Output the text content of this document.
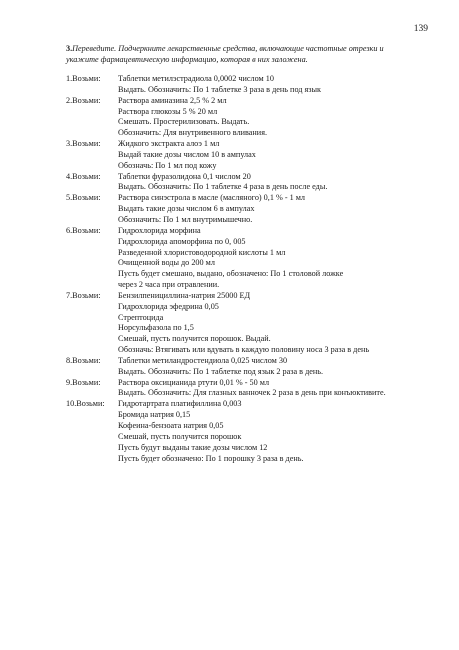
139
3.Переведите. Подчеркните лекарственные средства, включающие частотные отрезки и укажите фармацевтическую информацию, которая в них заложена.
1.Возьми:	Таблетки метилэстрадиола 0,0002 числом 10
Выдать. Обозначить: По 1 таблетке 3 раза в день под язык
2.Возьми:	Раствора аминазина 2,5 % 2 мл
Раствора глюкозы 5 % 20 мл
Смешать. Простерилизовать. Выдать.
Обозначить: Для внутривенного вливания.
3.Возьми:	Жидкого экстракта алоэ 1 мл
Выдай такие дозы числом 10 в ампулах
Обозначь: По 1 мл под кожу
4.Возьми:	Таблетки фуразолидона 0,1 числом 20
Выдать. Обозначить: По 1 таблетке 4 раза в день после еды.
5.Возьми:	Раствора синэстрола в масле (масляного) 0,1 % - 1 мл
Выдать такие дозы числом 6 в ампулах
Обозначить: По 1 мл внутримышечно.
6.Возьми:	Гидрохлорида морфина
Гидрохлорида апоморфина по 0, 005
Разведенной хлористоводородной кислоты 1 мл
Очищенной воды до 200 мл
Пусть будет смешано, выдано, обозначено: По 1 столовой ложке
через 2 часа при отравлении.
7.Возьми:	Бензилпенициллина-натрия 25000 ЕД
Гидрохлорида эфедрина 0,05
Стрептоцида
Норсульфазола по 1,5
Смешай, пусть получится порошок. Выдай.
Обозначь: Втягивать или вдувать в каждую половину носа 3 раза в день
8.Возьми:	Таблетки метиландростендиола 0,025 числом 30
Выдать. Обозначить: По 1 таблетке под язык 2 раза в день.
9.Возьми:	Раствора оксицианида ртути 0,01 % - 50 мл
Выдать. Обозначить: Для глазных ванночек 2 раза в день при конъюктивите.
10.Возьми:	Гидротартрата платифиллина 0,003
Бромида натрия 0,15
Кофеина-бензоата натрия 0,05
Смешай, пусть получится порошок
Пусть будут выданы такие дозы числом 12
Пусть будет обозначено: По 1 порошку 3 раза в день.
